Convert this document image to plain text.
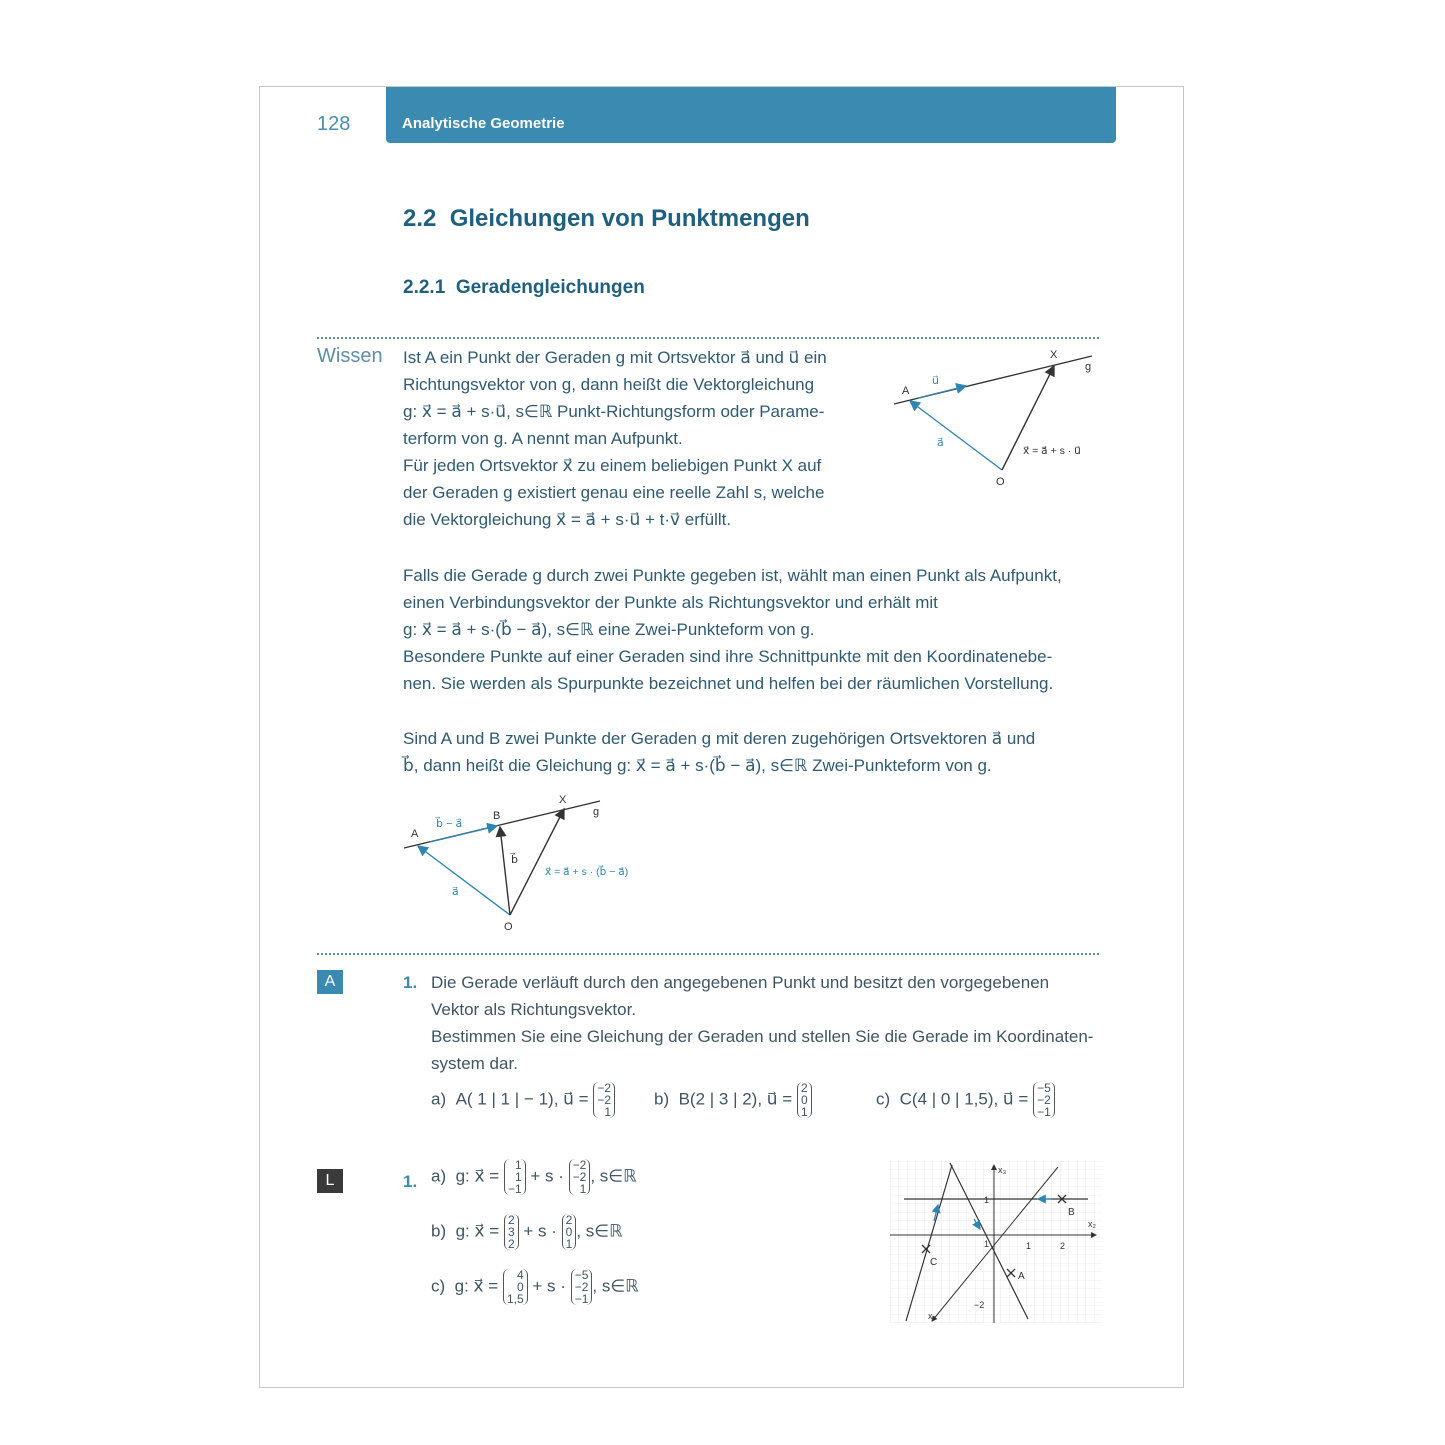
128	Analytische Geometrie
2.2 Gleichungen von Punktmengen
2.2.1 Geradengleichungen
Wissen Ist A ein Punkt der Geraden g mit Ortsvektor a⃗ und u⃗ ein
Richtungsvektor von g, dann heißt die Vektorgleichung
g: x⃗ = a⃗ + s·u⃗, s∈ℝ Punkt-Richtungsform oder Parame-
terform von g. A nennt man Aufpunkt.
Für jeden Ortsvektor x⃗ zu einem beliebigen Punkt X auf
der Geraden g existiert genau eine reelle Zahl s, welche
die Vektorgleichung x⃗ = a⃗ + s·u⃗ + t·v⃗ erfüllt.
A
X
g
u⃗
a⃗
O
x⃗ = a⃗ + s · u⃗
Falls die Gerade g durch zwei Punkte gegeben ist, wählt man einen Punkt als Aufpunkt,
einen Verbindungsvektor der Punkte als Richtungsvektor und erhält mit
g: x⃗ = a⃗ + s·(b⃗ − a⃗), s∈ℝ eine Zwei-Punkteform von g.
Besondere Punkte auf einer Geraden sind ihre Schnittpunkte mit den Koordinatenebe-
nen. Sie werden als Spurpunkte bezeichnet und helfen bei der räumlichen Vorstellung.
Sind A und B zwei Punkte der Geraden g mit deren zugehörigen Ortsvektoren a⃗ und
b⃗, dann heißt die Gleichung g: x⃗ = a⃗ + s·(b⃗ − a⃗), s∈ℝ Zwei-Punkteform von g.
A
B
X
g
b⃗ − a⃗
b⃗
a⃗
O
x⃗ = a⃗ + s · (b⃗ − a⃗)
A	1. Die Gerade verläuft durch den angegebenen Punkt und besitzt den vorgegebenen
Vektor als Richtungsvektor.
Bestimmen Sie eine Gleichung der Geraden und stellen Sie die Gerade im Koordinaten-
system dar.
a) A( 1 | 1 | − 1), u⃗ = −2
−2
1
b) B(2 | 3 | 2), u⃗ = 2
0
1
c) C(4 | 0 | 1,5), u⃗ = −5
−2
−1
L	1. a) g: x⃗ = 1
1
−1 + s · −2
−2
1, s∈ℝ
b) g: x⃗ = 2
3
2 + s · 2
0
1, s∈ℝ
c) g: x⃗ = 4
0
1,5 + s · −5
−2
−1, s∈ℝ
x₃
x₂
x₁
1
1	2
1
−2
A
B
C
